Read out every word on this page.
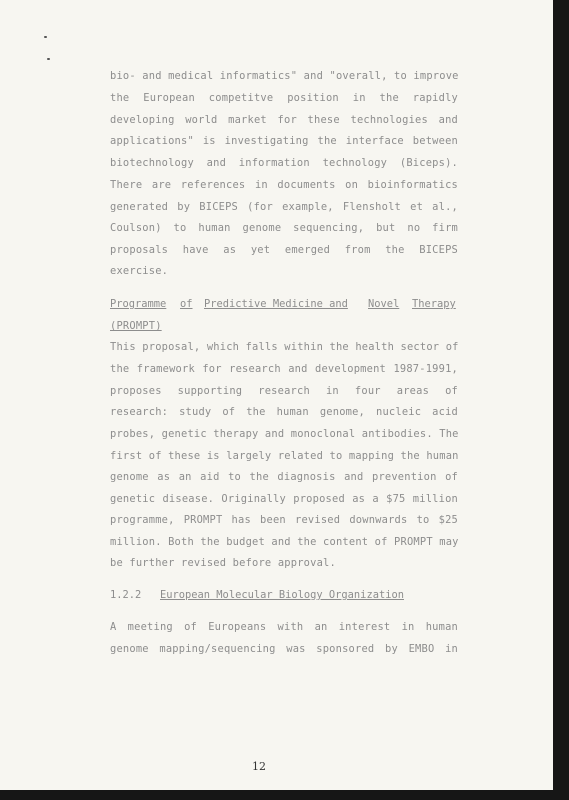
bio- and medical informatics" and "overall, to improve
the European competitve position in the rapidly
developing world market for these technologies and
applications" is investigating the interface between
biotechnology and information technology (Biceps).
There are references in documents on bioinformatics
generated by BICEPS (for example, Flensholt et al.,
Coulson) to human genome sequencing, but no firm
proposals have as yet emerged from the BICEPS
exercise.
Programme of Predictive Medicine and Novel Therapy
(PROMPT)
This proposal, which falls within the health sector of
the framework for research and development 1987-1991,
proposes supporting research in four areas of
research: study of the human genome, nucleic acid
probes, genetic therapy and monoclonal antibodies. The
first of these is largely related to mapping the human
genome as an aid to the diagnosis and prevention of
genetic disease. Originally proposed as a $75 million
programme, PROMPT has been revised downwards to $25
million. Both the budget and the content of PROMPT may
be further revised before approval.
1.2.2 European Molecular Biology Organization
A meeting of Europeans with an interest in human
genome mapping/sequencing was sponsored by EMBO in
12
